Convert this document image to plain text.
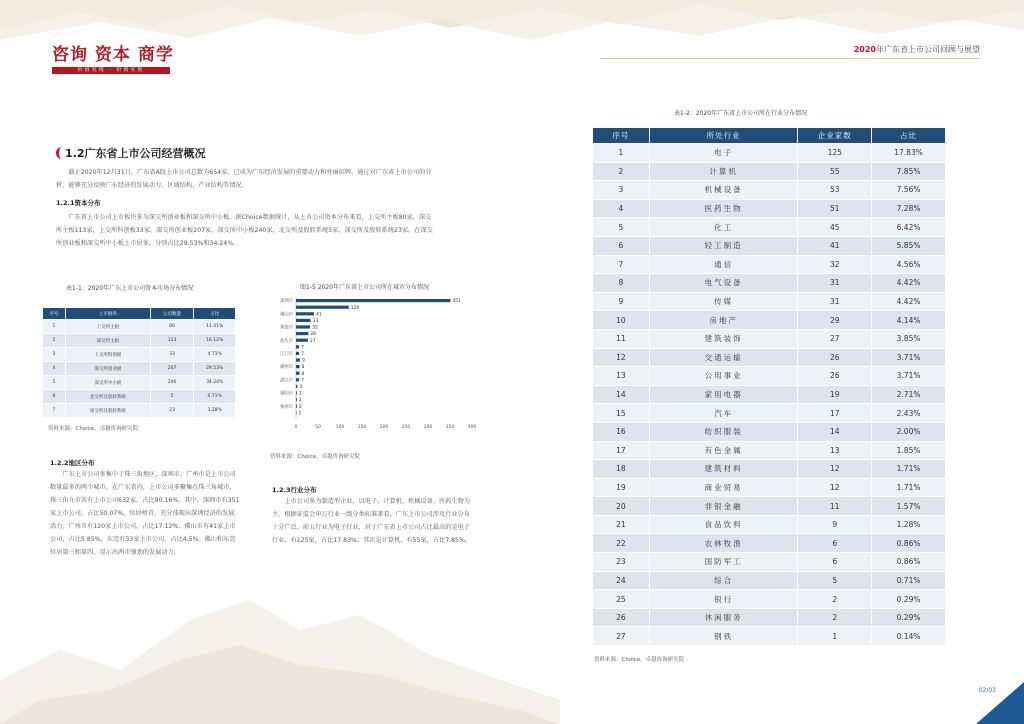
咨询 资本 商学
价值发现 · 价值实现
2020年广东省上市公司回顾与展望
1.2广东省上市公司经营概况

截止2020年12月31日，广东省A股上市公司总数为654家，已成为广东经济发展的重要动力和亮丽招牌。通过对广东省上市公司的分析，能够充分反映广东经济的发展动力、区域结构、产业结构等情况。

1.2.1资本分布

广东省上市公司上市板块多为深交所创业板和深交所中小板。据Choice数据统计，从上市公司资本分布来看，上交所主板80家，深交所主板113家，上交所科创板33家，深交所创业板207家，深交所中小板240家，北交所及股转系统5家，深交所及股转系统23家。在深交所创业板和深交所中小板上市居多，分别占比29.53%和34.24%。

表1-1：2020年广东上市公司资本市场分布情况
序号	上市板块	公司数量	占比
1	上交所主板	80	11.41%
2	深交所主板	113	16.12%
3	上交所科创板	33	4.71%
4	深交所创业板	207	29.53%
5	深交所中小板	240	34.24%
6	北交所及股转系统	5	0.71%
7	深交所及股转系统	23	3.28%
资料来源：Choice，卓越咨询研究院
图1-5 2020年广东省上市公司所在城市分布情况
351
深圳市
120
41
佛山市
33
32
珠海市
28
27
汕头市
7
7
江门市
9
8
潮州市
8
7
湛江市
3
2
揭阳市
2
2
梅州市
1
0	50	100	150	200	250	300	350	400
资料来源：Choice，卓越咨询研究院
1.2.2地区分布

广东上市公司多集中于珠三角地区，深圳市、广州市是上市公司数量最多的两个城市。在广东省内，上市公司多聚集在珠三角城市，珠三角九市共有上市公司632家，占比90.16%。其中，深圳市有351家上市公司，占比50.07%，位居榜首，充分体现出深圳经济的发展活力；广州市有120家上市公司，占比17.12%；佛山市有41家上市公司，占比5.85%。东莞有33家上市公司，占比4.5%。佛山和东莞位居第三和第四，显示出两市强劲的发展动力。

1.2.3行业分布

上市公司多为制造型企业，以电子、计算机、机械设备、医药生物为主，根据证监会申万行业一级分类标准来看，广东上市公司涉及行业分布十分广泛。前五行业为电子行业，对于广东省上市公司占比最高的是电子行业，有125家，占比17.83%；其次是计算机，有55家，占比7.85%。

表1-2：2020年广东省上市公司所在行业分布情况
序号	所处行业	企业家数	占比
1	电子	125	17.83%
2	计算机	55	7.85%
3	机械设备	53	7.56%
4	医药生物	51	7.28%
5	化工	45	6.42%
6	轻工制造	41	5.85%
7	通信	32	4.56%
8	电气设备	31	4.42%
9	传媒	31	4.42%
10	房地产	29	4.14%
11	建筑装饰	27	3.85%
12	交通运输	26	3.71%
13	公用事业	26	3.71%
14	家用电器	19	2.71%
15	汽车	17	2.43%
16	纺织服装	14	2.00%
17	有色金属	13	1.85%
18	建筑材料	12	1.71%
19	商业贸易	12	1.71%
20	非银金融	11	1.57%
21	食品饮料	9	1.28%
22	农林牧渔	6	0.86%
23	国防军工	6	0.86%
24	综合	5	0.71%
25	银行	2	0.29%
26	休闲服务	2	0.29%
27	钢铁	1	0.14%
资料来源：Choice，卓越咨询研究院
02/03
